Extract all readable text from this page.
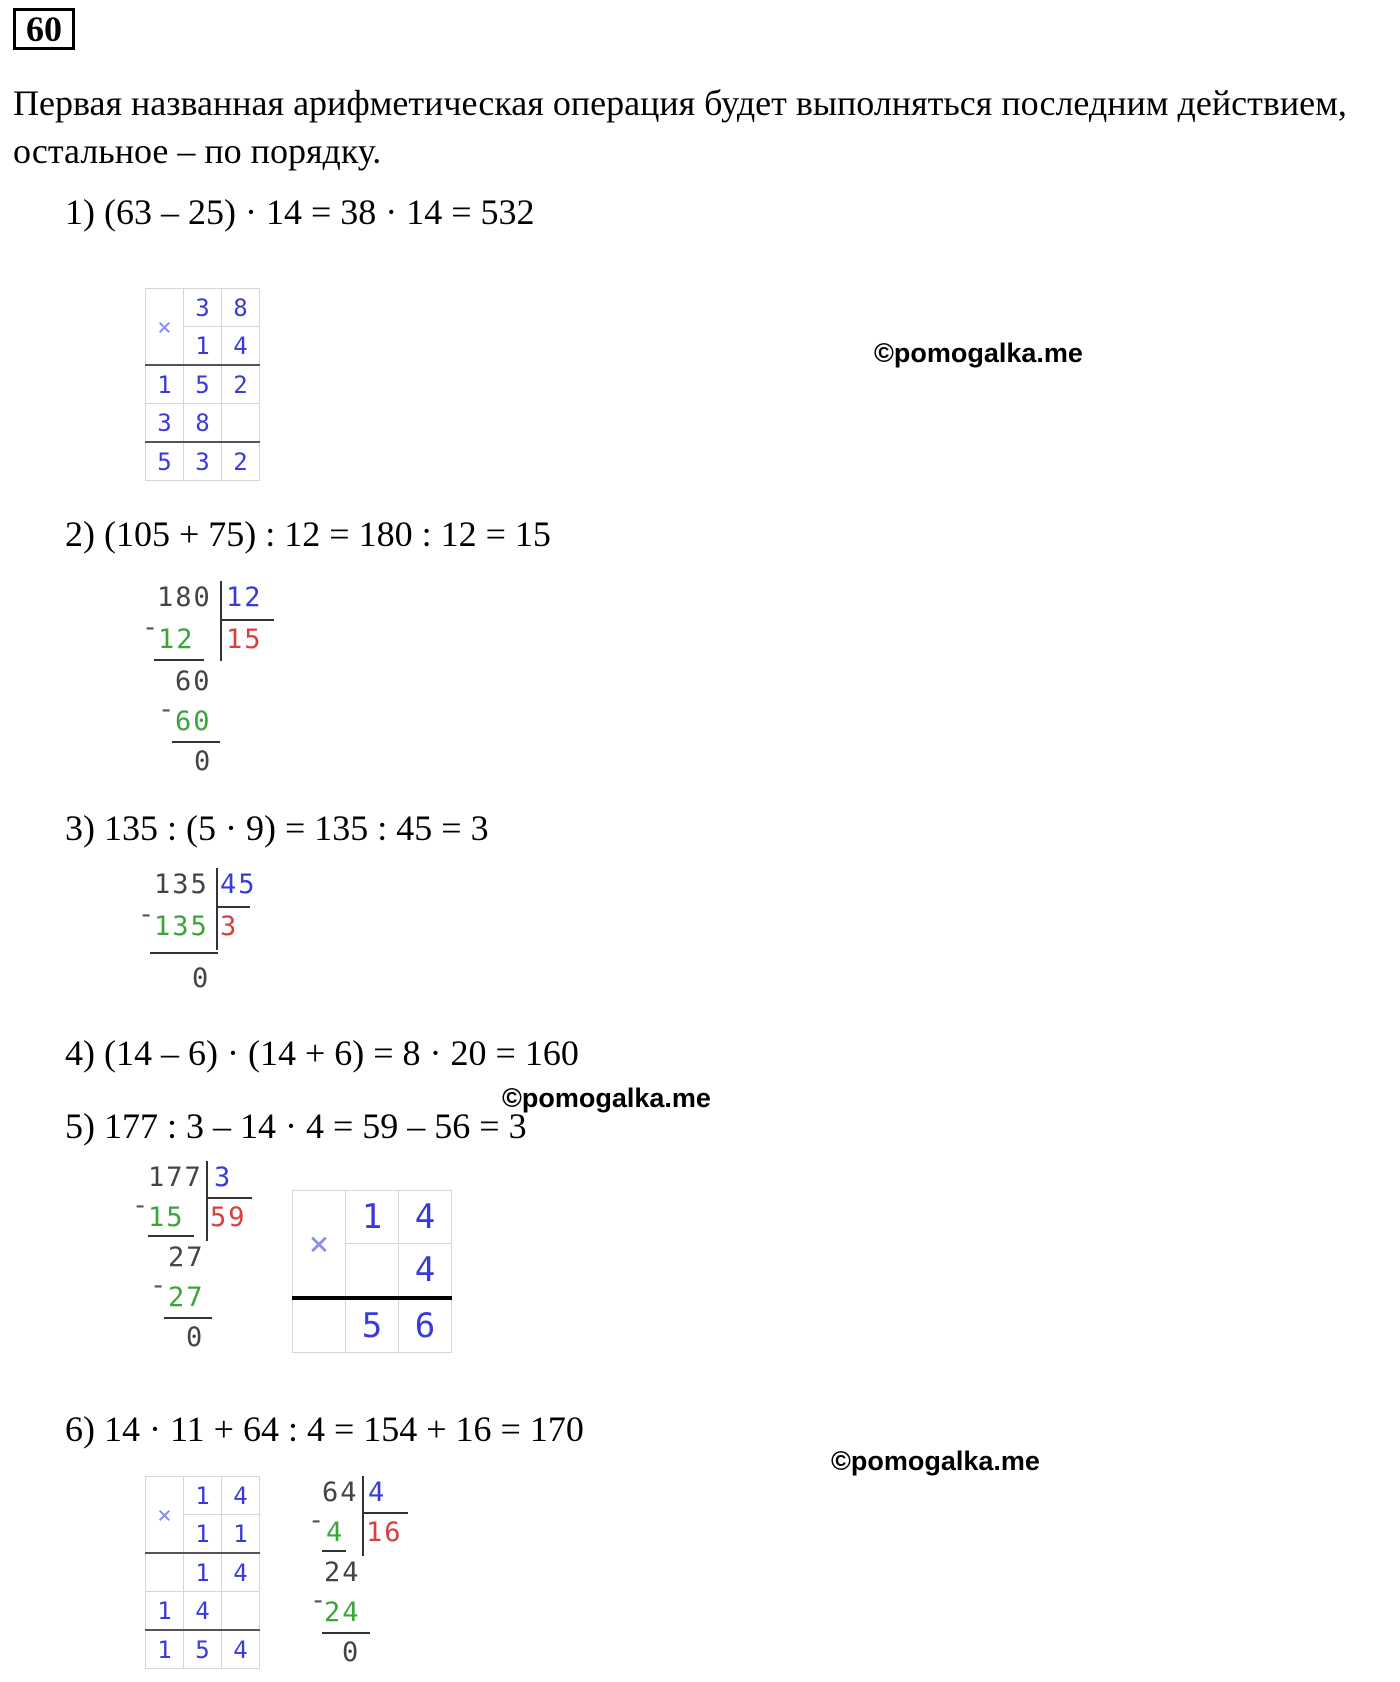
60
Первая названная арифметическая операция будет выполняться последним действием, остальное – по порядку.
1) (63 – 25) · 14 = 38 · 14 = 532
×	3	8
	1	4
1	5	2
3	8	
5	3	2
©pomogalka.me
2) (105 + 75) : 12 = 180 : 12 = 15
180 12
-
12 15
60
-
60
0
3) 135 : (5 · 9) = 135 : 45 = 3
135 45
-
135 3
0
4) (14 – 6) · (14 + 6) = 8 · 20 = 160
©pomogalka.me
5) 177 : 3 – 14 · 4 = 59 – 56 = 3
177 3
-
15 59
27
- 27
0
×	1	4
		4
	5	6
6) 14 · 11 + 64 : 4 = 154 + 16 = 170
©pomogalka.me
×	1	4
	1	1
	1	4
1	4	
1	5	4
64 4
- 4 16
24
-
24
0
